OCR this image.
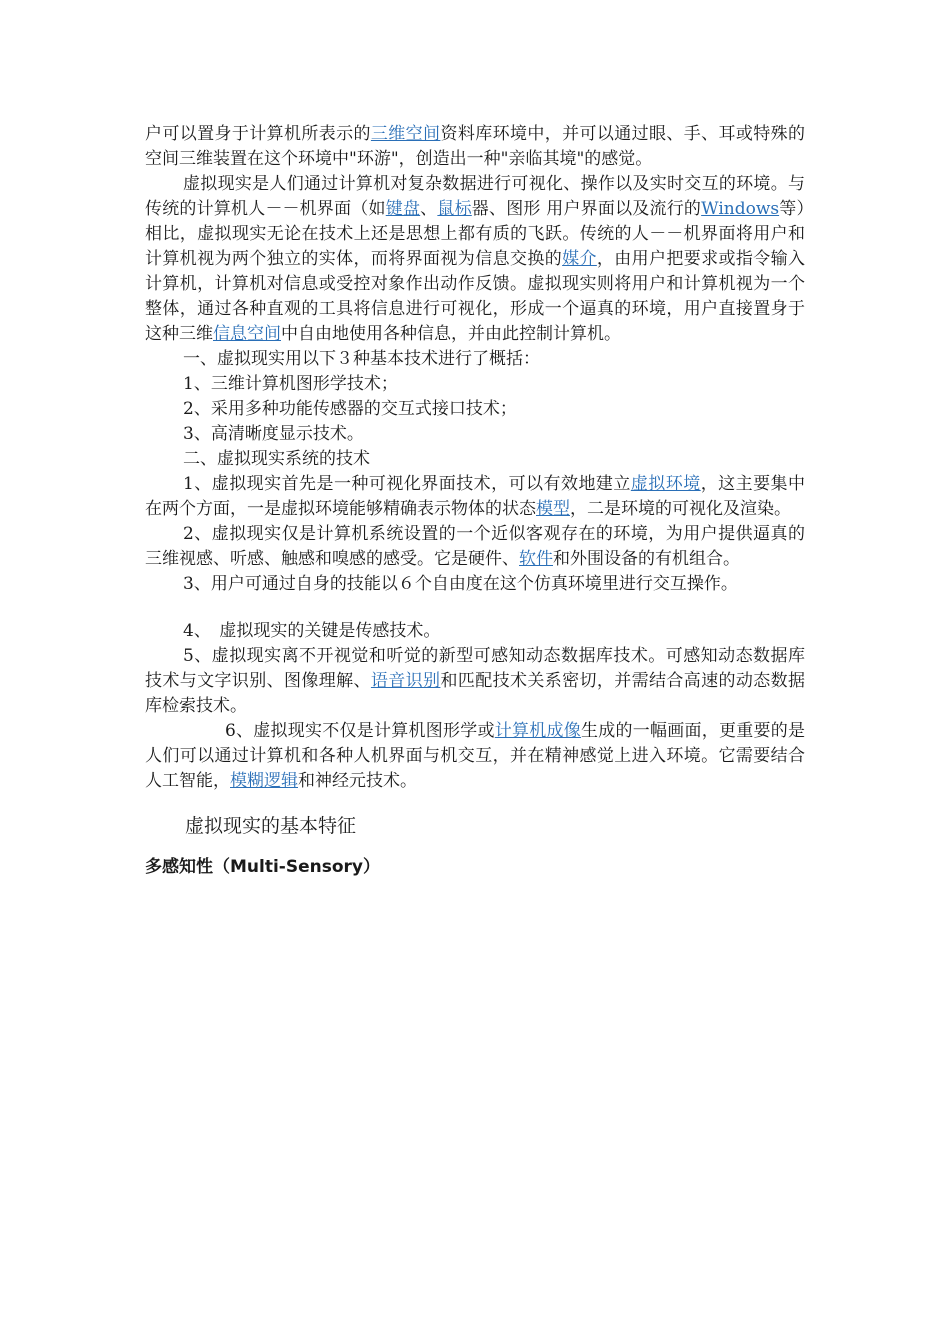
户可以置身于计算机所表示的三维空间资料库环境中，并可以通过眼、手、耳或特殊的空间三维装置在这个环境中"环游"，创造出一种"亲临其境"的感觉。

虚拟现实是人们通过计算机对复杂数据进行可视化、操作以及实时交互的环境。与传统的计算机人－－机界面（如键盘、鼠标器、图形 用户界面以及流行的Windows等）相比，虚拟现实无论在技术上还是思想上都有质的飞跃。传统的人－－机界面将用户和计算机视为两个独立的实体，而将界面视为信息交换的媒介，由用户把要求或指令输入计算机，计算机对信息或受控对象作出动作反馈。虚拟现实则将用户和计算机视为一个整体，通过各种直观的工具将信息进行可视化，形成一个逼真的环境，用户直接置身于这种三维信息空间中自由地使用各种信息，并由此控制计算机。

一、虚拟现实用以下３种基本技术进行了概括：

1、三维计算机图形学技术；

2、采用多种功能传感器的交互式接口技术；

3、高清晰度显示技术。

二、虚拟现实系统的技术

1、虚拟现实首先是一种可视化界面技术，可以有效地建立虚拟环境，这主要集中在两个方面，一是虚拟环境能够精确表示物体的状态模型，二是环境的可视化及渲染。

2、虚拟现实仅是计算机系统设置的一个近似客观存在的环境，为用户提供逼真的三维视感、听感、触感和嗅感的感受。它是硬件、软件和外围设备的有机组合。

3、用户可通过自身的技能以６个自由度在这个仿真环境里进行交互操作。

4、　虚拟现实的关键是传感技术。

5、虚拟现实离不开视觉和听觉的新型可感知动态数据库技术。可感知动态数据库技术与文字识别、图像理解、语音识别和匹配技术关系密切，并需结合高速的动态数据库检索技术。

6、虚拟现实不仅是计算机图形学或计算机成像生成的一幅画面，更重要的是人们可以通过计算机和各种人机界面与机交互，并在精神感觉上进入环境。它需要结合人工智能，模糊逻辑和神经元技术。

虚拟现实的基本特征
多感知性（Multi-Sensory）
